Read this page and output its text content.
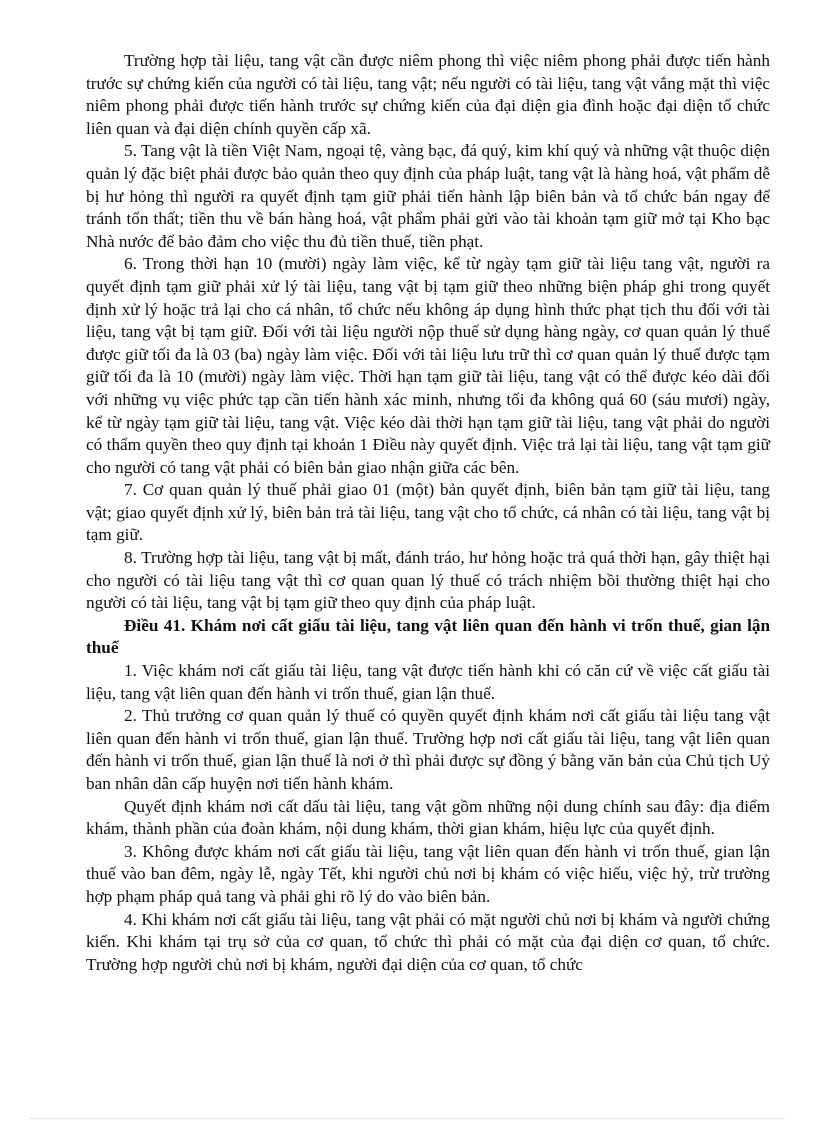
Trường hợp tài liệu, tang vật cần được niêm phong thì việc niêm phong phải được tiến hành trước sự chứng kiến của người có tài liệu, tang vật; nếu người có tài liệu, tang vật vắng mặt thì việc niêm phong phải được tiến hành trước sự chứng kiến của đại diện gia đình hoặc đại diện tổ chức liên quan và đại diện chính quyền cấp xã.

5. Tang vật là tiền Việt Nam, ngoại tệ, vàng bạc, đá quý, kim khí quý và những vật thuộc diện quản lý đặc biệt phải được bảo quản theo quy định của pháp luật, tang vật là hàng hoá, vật phẩm dễ bị hư hỏng thì người ra quyết định tạm giữ phải tiến hành lập biên bản và tổ chức bán ngay để tránh tổn thất; tiền thu về bán hàng hoá, vật phẩm phải gửi vào tài khoản tạm giữ mở tại Kho bạc Nhà nước để bảo đảm cho việc thu đủ tiền thuế, tiền phạt.

6. Trong thời hạn 10 (mười) ngày làm việc, kể từ ngày tạm giữ tài liệu tang vật, người ra quyết định tạm giữ phải xử lý tài liệu, tang vật bị tạm giữ theo những biện pháp ghi trong quyết định xử lý hoặc trả lại cho cá nhân, tổ chức nếu không áp dụng hình thức phạt tịch thu đối với tài liệu, tang vật bị tạm giữ. Đối với tài liệu người nộp thuế sử dụng hàng ngày, cơ quan quản lý thuế được giữ tối đa là 03 (ba) ngày làm việc. Đối với tài liệu lưu trữ thì cơ quan quản lý thuế được tạm giữ tối đa là 10 (mười) ngày làm việc. Thời hạn tạm giữ tài liệu, tang vật có thể được kéo dài đối với những vụ việc phức tạp cần tiến hành xác minh, nhưng tối đa không quá 60 (sáu mươi) ngày, kể từ ngày tạm giữ tài liệu, tang vật. Việc kéo dài thời hạn tạm giữ tài liệu, tang vật phải do người có thẩm quyền theo quy định tại khoản 1 Điều này quyết định. Việc trả lại tài liệu, tang vật tạm giữ cho người có tang vật phải có biên bản giao nhận giữa các bên.

7. Cơ quan quản lý thuế phải giao 01 (một) bản quyết định, biên bản tạm giữ tài liệu, tang vật; giao quyết định xử lý, biên bản trả tài liệu, tang vật cho tổ chức, cá nhân có tài liệu, tang vật bị tạm giữ.

8. Trường hợp tài liệu, tang vật bị mất, đánh tráo, hư hỏng hoặc trả quá thời hạn, gây thiệt hại cho người có tài liệu tang vật thì cơ quan quan lý thuế có trách nhiệm bồi thường thiệt hại cho người có tài liệu, tang vật bị tạm giữ theo quy định của pháp luật.

Điều 41. Khám nơi cất giấu tài liệu, tang vật liên quan đến hành vi trốn thuế, gian lận thuế

1. Việc khám nơi cất giấu tài liệu, tang vật được tiến hành khi có căn cứ về việc cất giấu tài liệu, tang vật liên quan đến hành vi trốn thuế, gian lận thuế.

2. Thủ trưởng cơ quan quản lý thuế có quyền quyết định khám nơi cất giấu tài liệu tang vật liên quan đến hành vi trốn thuế, gian lận thuế. Trường hợp nơi cất giấu tài liệu, tang vật liên quan đến hành vi trốn thuế, gian lận thuế là nơi ở thì phải được sự đồng ý bằng văn bản của Chủ tịch Uỷ ban nhân dân cấp huyện nơi tiến hành khám.

Quyết định khám nơi cất dấu tài liệu, tang vật gồm những nội dung chính sau đây: địa điểm khám, thành phần của đoàn khám, nội dung khám, thời gian khám, hiệu lực của quyết định.

3. Không được khám nơi cất giấu tài liệu, tang vật liên quan đến hành vi trốn thuế, gian lận thuế vào ban đêm, ngày lễ, ngày Tết, khi người chủ nơi bị khám có việc hiếu, việc hỷ, trừ trường hợp phạm pháp quả tang và phải ghi rõ lý do vào biên bản.

4. Khi khám nơi cất giấu tài liệu, tang vật phải có mặt người chủ nơi bị khám và người chứng kiến. Khi khám tại trụ sở của cơ quan, tổ chức thì phải có mặt của đại diện cơ quan, tổ chức. Trường hợp người chủ nơi bị khám, người đại diện của cơ quan, tổ chức
